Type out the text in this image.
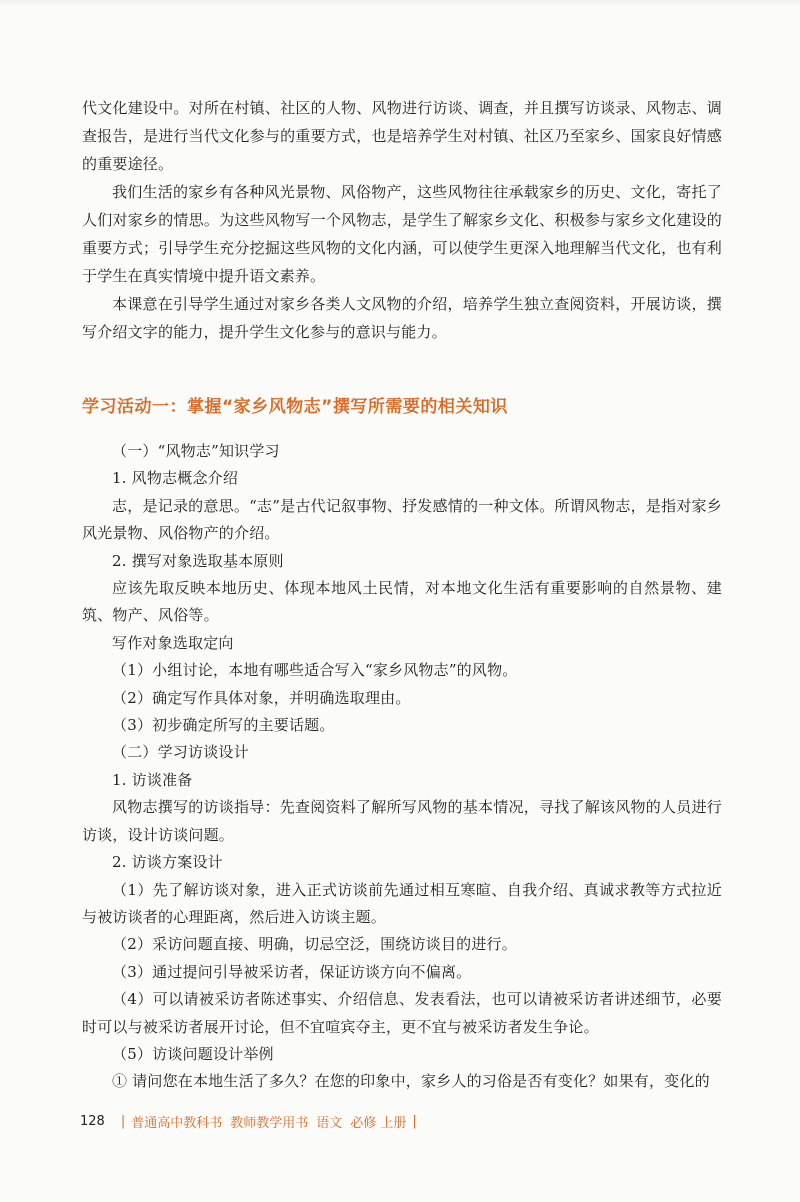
代文化建设中。对所在村镇、社区的人物、风物进行访谈、调查，并且撰写访谈录、风物志、调查报告，是进行当代文化参与的重要方式，也是培养学生对村镇、社区乃至家乡、国家良好情感的重要途径。

我们生活的家乡有各种风光景物、风俗物产，这些风物往往承载家乡的历史、文化，寄托了人们对家乡的情思。为这些风物写一个风物志，是学生了解家乡文化、积极参与家乡文化建设的重要方式；引导学生充分挖掘这些风物的文化内涵，可以使学生更深入地理解当代文化，也有利于学生在真实情境中提升语文素养。

本课意在引导学生通过对家乡各类人文风物的介绍，培养学生独立查阅资料，开展访谈，撰写介绍文字的能力，提升学生文化参与的意识与能力。

学习活动一：掌握“家乡风物志”撰写所需要的相关知识

（一）“风物志”知识学习

1. 风物志概念介绍

志，是记录的意思。“志”是古代记叙事物、抒发感情的一种文体。所谓风物志，是指对家乡风光景物、风俗物产的介绍。

2. 撰写对象选取基本原则

应该先取反映本地历史、体现本地风土民情，对本地文化生活有重要影响的自然景物、建筑、物产、风俗等。

写作对象选取定向

（1）小组讨论，本地有哪些适合写入“家乡风物志”的风物。

（2）确定写作具体对象，并明确选取理由。

（3）初步确定所写的主要话题。

（二）学习访谈设计

1. 访谈准备

风物志撰写的访谈指导：先查阅资料了解所写风物的基本情况，寻找了解该风物的人员进行访谈，设计访谈问题。

2. 访谈方案设计

（1）先了解访谈对象，进入正式访谈前先通过相互寒暄、自我介绍、真诚求教等方式拉近与被访谈者的心理距离，然后进入访谈主题。

（2）采访问题直接、明确，切忌空泛，围绕访谈目的进行。

（3）通过提问引导被采访者，保证访谈方向不偏离。

（4）可以请被采访者陈述事实、介绍信息、发表看法，也可以请被采访者讲述细节，必要时可以与被采访者展开讨论，但不宜喧宾夺主，更不宜与被采访者发生争论。

（5）访谈问题设计举例

① 请问您在本地生活了多久？在您的印象中，家乡人的习俗是否有变化？如果有，变化的

128 | 普通高中教科书 教师教学用书 语文 必修 上册 |
